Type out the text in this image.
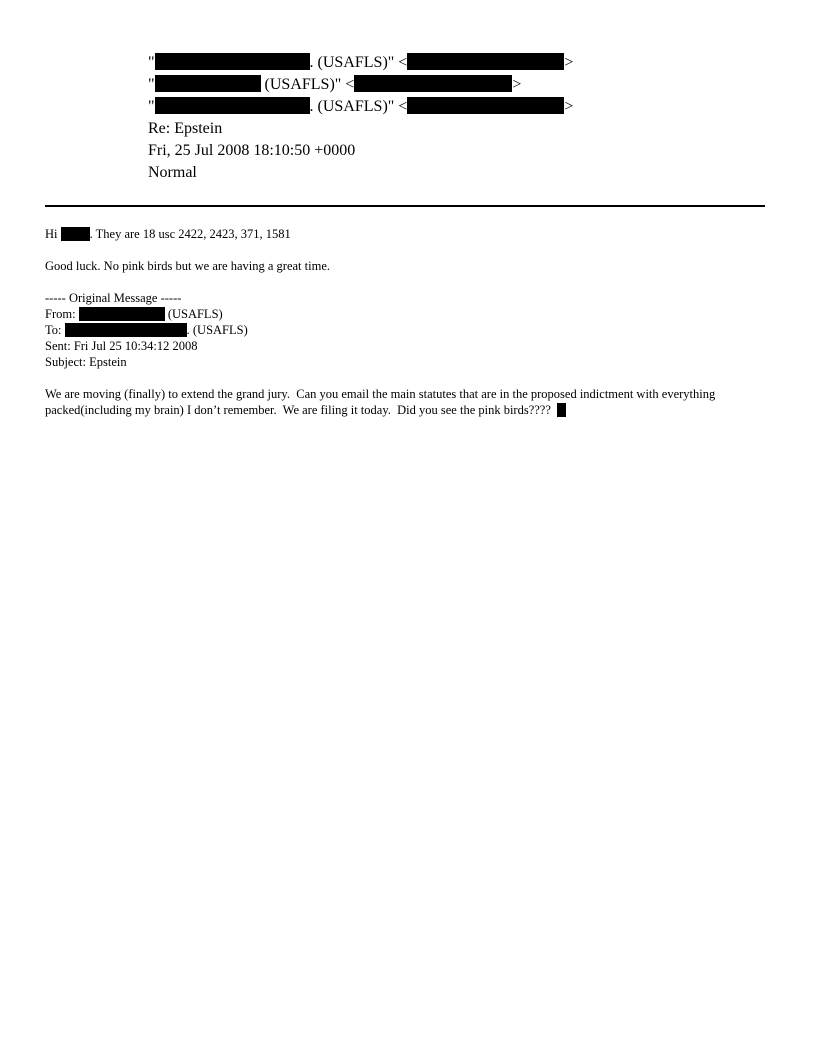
"	. (USAFLS)" <	>
"	(USAFLS)" <	>
"	. (USAFLS)" <	>
Re: Epstein
Fri, 25 Jul 2008 18:10:50 +0000
Normal

Hi	. They are 18 usc 2422, 2423, 371, 1581

Good luck. No pink birds but we are having a great time.

----- Original Message -----

From:	(USAFLS)

To:	. (USAFLS)

Sent: Fri Jul 25 10:34:12 2008

Subject: Epstein

We are moving (finally) to extend the grand jury.  Can you email the main statutes that are in the proposed indictment with everything packed(including my brain) I don’t remember.  We are filing it today.  Did you see the pink birds????
